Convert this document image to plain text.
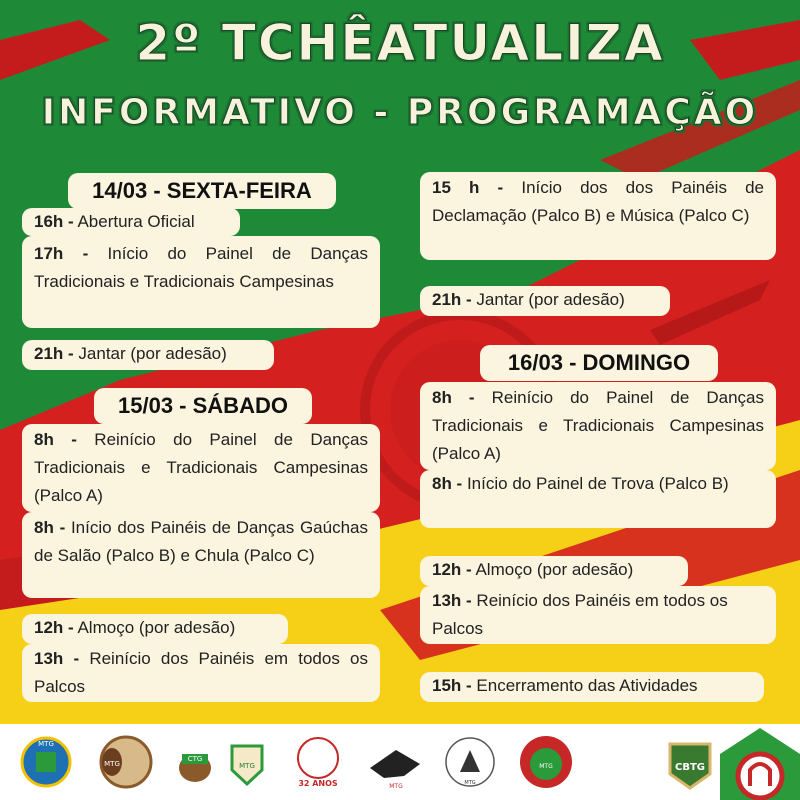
2º TCHÊATUALIZA
INFORMATIVO - PROGRAMAÇÃO
14/03 - SEXTA-FEIRA
16h - Abertura Oficial
17h - Início do Painel de Danças Tradicionais e Tradicionais Campesinas
21h - Jantar (por adesão)
15/03 - SÁBADO
8h - Reinício do Painel de Danças Tradicionais e Tradicionais Campesinas (Palco A)
8h - Início dos Painéis de Danças Gaúchas de Salão (Palco B) e Chula (Palco C)
12h - Almoço (por adesão)
13h - Reinício dos Painéis em todos os Palcos
15 h - Início dos dos Painéis de Declamação (Palco B) e Música (Palco C)
21h - Jantar (por adesão)
16/03 - DOMINGO
8h - Reinício do Painel de Danças Tradicionais e Tradicionais Campesinas (Palco A)
8h - Início do Painel de Trova (Palco B)
12h - Almoço (por adesão)
13h - Reinício dos Painéis em todos os Palcos
15h - Encerramento das Atividades
MTG
MTG
CTG
MTG
32 ANOS	MTG	MTG
MTG	CBTG
